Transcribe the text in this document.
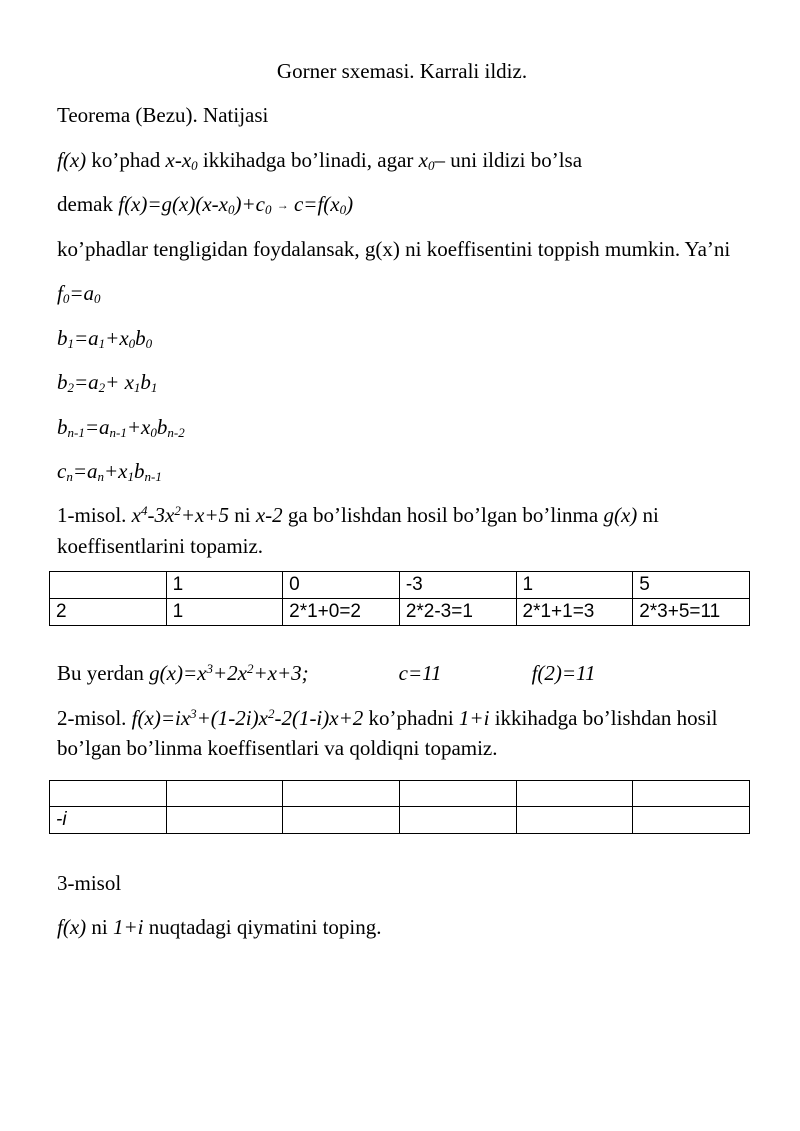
Gorner sxemasi. Karrali ildiz.

Teorema (Bezu). Natijasi

f(x) ko’phad $x-x_0$ ikkihadga bo’linadi, agar $x_0-$ uni ildizi bo’lsa

demak $f(x)=g(x)(x-x_0)+c_0 \to c=f(x_0)$

ko’phadlar tengligidan foydalansak, g(x) ni koeffisentini toppish mumkin. Ya’ni

$f_0=a_0$

$b_1=a_1+x_0b_0$

$b_2=a_2+ x_1b_1$

$b_{n-1}=a_{n-1}+x_0b_{n-2}$

$c_n=a_n+x_1b_{n-1}$

1-misol. $x^4-3x^2+x+5$ ni x-2 ga bo’lishdan hosil bo’lgan bo’linma g(x) ni koeffisentlarini topamiz.

	1	0	-3	1	5
2	1	2*1+0=2	2*2-3=1	2*1+1=3	2*3+5=11

Bu yerdan $g(x)=x^3+2x^2+x+3$;	c=11	f(2)=11

2-misol. $f(x)=ix^3+(1-2i)x^2-2(1-i)x+2$ ko’phadni 1+i ikkihadga bo’lishdan hosil bo’lgan bo’linma koeffisentlari va qoldiqni topamiz.

-i					

3-misol

f(x) ni 1+i nuqtadagi qiymatini toping.
